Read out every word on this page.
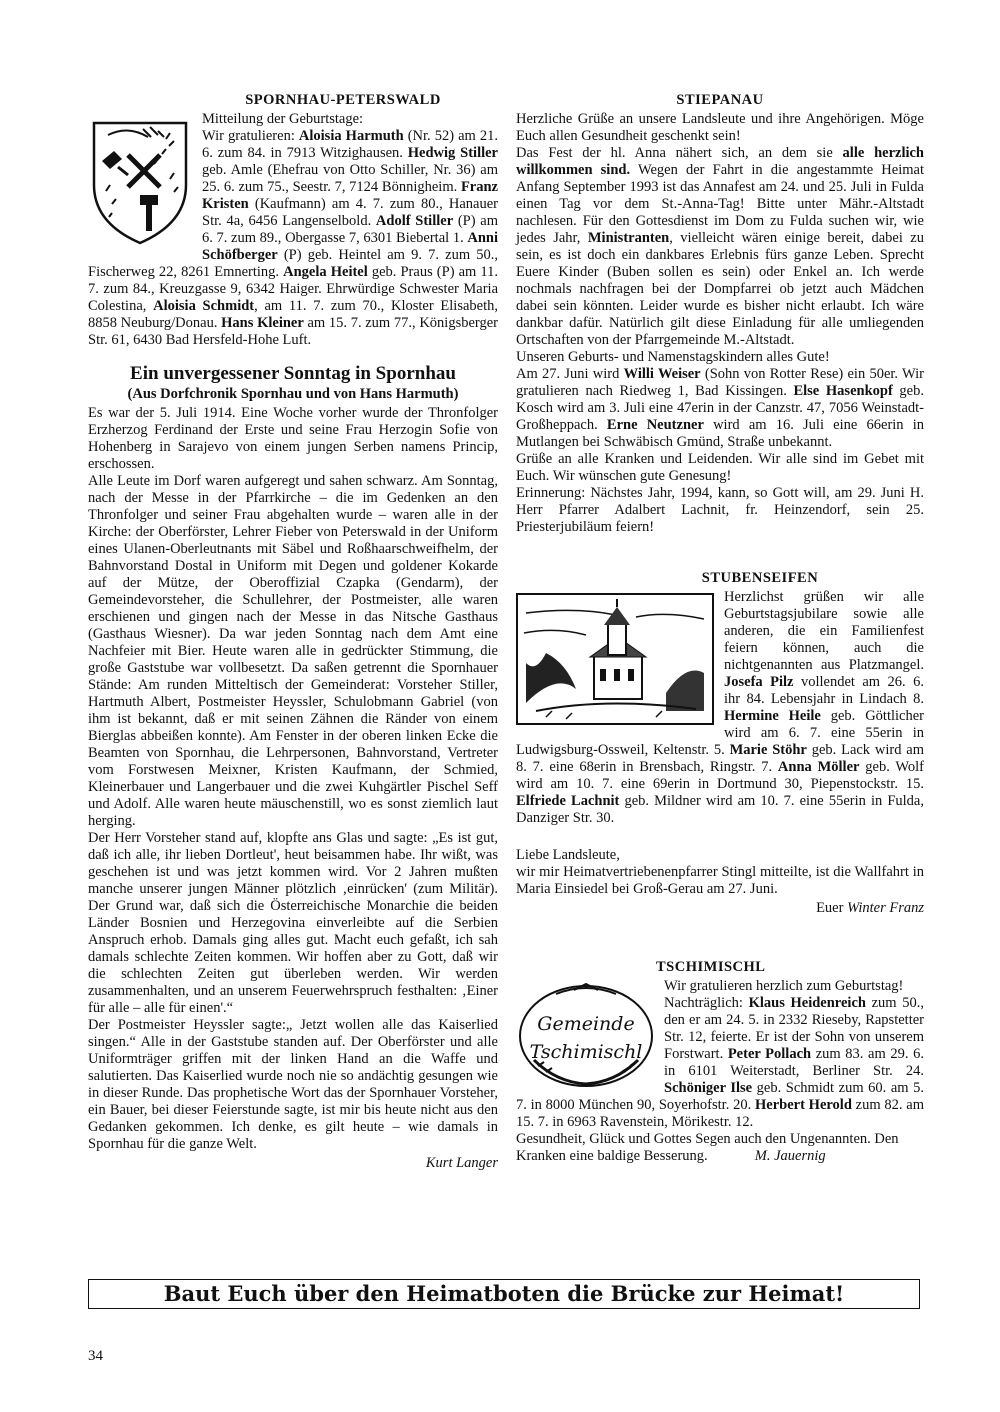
SPORNHAU-PETERSWALD

Mitteilung der Geburtstage:
Wir gratulieren: Aloisia Harmuth (Nr. 52) am 21. 6. zum 84. in 7913 Witzighausen. Hedwig Stiller geb. Amle (Ehefrau von Otto Schiller, Nr. 36) am 25. 6. zum 75., Seestr. 7, 7124 Bönnigheim. Franz Kristen (Kaufmann) am 4. 7. zum 80., Hanauer Str. 4a, 6456 Langenselbold. Adolf Stiller (P) am 6. 7. zum 89., Obergasse 7, 6301 Biebertal 1. Anni Schöfberger (P) geb. Heintel am 9. 7. zum 50., Fischerweg 22, 8261 Emnerting. Angela Heitel geb. Praus (P) am 11. 7. zum 84., Kreuzgasse 9, 6342 Haiger. Ehrwürdige Schwester Maria Colestina, Aloisia Schmidt, am 11. 7. zum 70., Kloster Elisabeth, 8858 Neuburg/Donau. Hans Kleiner am 15. 7. zum 77., Königsberger Str. 61, 6430 Bad Hersfeld-Hohe Luft.

Ein unvergessener Sonntag in Spornhau
(Aus Dorfchronik Spornhau und von Hans Harmuth)

Es war der 5. Juli 1914. Eine Woche vorher wurde der Thronfolger Erzherzog Ferdinand der Erste und seine Frau Herzogin Sofie von Hohenberg in Sarajevo von einem jungen Serben namens Princip, erschossen.

Alle Leute im Dorf waren aufgeregt und sahen schwarz. Am Sonntag, nach der Messe in der Pfarrkirche – die im Gedenken an den Thronfolger und seiner Frau abgehalten wurde – waren alle in der Kirche: der Oberförster, Lehrer Fieber von Peterswald in der Uniform eines Ulanen-Oberleutnants mit Säbel und Roßhaarschweifhelm, der Bahnvorstand Dostal in Uniform mit Degen und goldener Kokarde auf der Mütze, der Oberoffizial Czapka (Gendarm), der Gemeindevorsteher, die Schullehrer, der Postmeister, alle waren erschienen und gingen nach der Messe in das Nitsche Gasthaus (Gasthaus Wiesner). Da war jeden Sonntag nach dem Amt eine Nachfeier mit Bier. Heute waren alle in gedrückter Stimmung, die große Gaststube war vollbesetzt. Da saßen getrennt die Spornhauer Stände: Am runden Mitteltisch der Gemeinderat: Vorsteher Stiller, Hartmuth Albert, Postmeister Heyssler, Schulobmann Gabriel (von ihm ist bekannt, daß er mit seinen Zähnen die Ränder von einem Bierglas abbeißen konnte). Am Fenster in der oberen linken Ecke die Beamten von Spornhau, die Lehrpersonen, Bahnvorstand, Vertreter vom Forstwesen Meixner, Kristen Kaufmann, der Schmied, Kleinerbauer und Langerbauer und die zwei Kuhgärtler Pischel Seff und Adolf. Alle waren heute mäuschenstill, wo es sonst ziemlich laut herging.

Der Herr Vorsteher stand auf, klopfte ans Glas und sagte: „Es ist gut, daß ich alle, ihr lieben Dortleut', heut beisammen habe. Ihr wißt, was geschehen ist und was jetzt kommen wird. Vor 2 Jahren mußten manche unserer jungen Männer plötzlich ‚einrücken' (zum Militär). Der Grund war, daß sich die Österreichische Monarchie die beiden Länder Bosnien und Herzegovina einverleibte auf die Serbien Anspruch erhob. Damals ging alles gut. Macht euch gefaßt, ich sah damals schlechte Zeiten kommen. Wir hoffen aber zu Gott, daß wir die schlechten Zeiten gut überleben werden. Wir werden zusammenhalten, und an unserem Feuerwehrspruch festhalten: ‚Einer für alle – alle für einen'.“

Der Postmeister Heyssler sagte:„ Jetzt wollen alle das Kaiserlied singen.“ Alle in der Gaststube standen auf. Der Oberförster und alle Uniformträger griffen mit der linken Hand an die Waffe und salutierten. Das Kaiserlied wurde noch nie so andächtig gesungen wie in dieser Runde. Das prophetische Wort das der Spornhauer Vorsteher, ein Bauer, bei dieser Feierstunde sagte, ist mir bis heute nicht aus den Gedanken gekommen. Ich denke, es gilt heute – wie damals in Spornhau für die ganze Welt.

Kurt Langer
STIEPANAU

Herzliche Grüße an unsere Landsleute und ihre Angehörigen. Möge Euch allen Gesundheit geschenkt sein!

Das Fest der hl. Anna nähert sich, an dem sie alle herzlich willkommen sind. Wegen der Fahrt in die angestammte Heimat Anfang September 1993 ist das Annafest am 24. und 25. Juli in Fulda einen Tag vor dem St.-Anna-Tag! Bitte unter Mähr.-Altstadt nachlesen. Für den Gottesdienst im Dom zu Fulda suchen wir, wie jedes Jahr, Ministranten, vielleicht wären einige bereit, dabei zu sein, es ist doch ein dankbares Erlebnis fürs ganze Leben. Sprecht Euere Kinder (Buben sollen es sein) oder Enkel an. Ich werde nochmals nachfragen bei der Dompfarrei ob jetzt auch Mädchen dabei sein könnten. Leider wurde es bisher nicht erlaubt. Ich wäre dankbar dafür. Natürlich gilt diese Einladung für alle umliegenden Ortschaften von der Pfarrgemeinde M.-Altstadt.

Unseren Geburts- und Namenstagskindern alles Gute!

Am 27. Juni wird Willi Weiser (Sohn von Rotter Rese) ein 50er. Wir gratulieren nach Riedweg 1, Bad Kissingen. Else Hasenkopf geb. Kosch wird am 3. Juli eine 47erin in der Canzstr. 47, 7056 Weinstadt-Großheppach. Erne Neutzner wird am 16. Juli eine 66erin in Mutlangen bei Schwäbisch Gmünd, Straße unbekannt.

Grüße an alle Kranken und Leidenden. Wir alle sind im Gebet mit Euch. Wir wünschen gute Genesung!

Erinnerung: Nächstes Jahr, 1994, kann, so Gott will, am 29. Juni H. Herr Pfarrer Adalbert Lachnit, fr. Heinzendorf, sein 25. Priesterjubiläum feiern!

STUBENSEIFEN

Herzlichst grüßen wir alle Geburtstagsjubilare sowie alle anderen, die ein Familienfest feiern können, auch die nichtgenannten aus Platzmangel. Josefa Pilz vollendet am 26. 6. ihr 84. Lebensjahr in Lindach 8. Hermine Heile geb. Göttlicher wird am 6. 7. eine 55erin in Ludwigsburg-Ossweil, Keltenstr. 5. Marie Stöhr geb. Lack wird am 8. 7. eine 68erin in Brensbach, Ringstr. 7. Anna Möller geb. Wolf wird am 10. 7. eine 69erin in Dortmund 30, Piepenstockstr. 15. Elfriede Lachnit geb. Mildner wird am 10. 7. eine 55erin in Fulda, Danziger Str. 30.

Liebe Landsleute,

wir mir Heimatvertriebenenpfarrer Stingl mitteilte, ist die Wallfahrt in Maria Einsiedel bei Groß-Gerau am 27. Juni.

Euer Winter Franz
TSCHIMISCHL
Gemeinde
Tschimischl

Wir gratulieren herzlich zum Geburtstag!

Nachträglich: Klaus Heidenreich zum 50., den er am 24. 5. in 2332 Rieseby, Rapstetter Str. 12, feierte. Er ist der Sohn von unserem Forstwart. Peter Pollach zum 83. am 29. 6. in 6101 Weiterstadt, Berliner Str. 24. Schöniger Ilse geb. Schmidt zum 60. am 5. 7. in 8000 München 90, Soyerhofstr. 20. Herbert Herold zum 82. am 15. 7. in 6963 Ravenstein, Mörikestr. 12.

Gesundheit, Glück und Gottes Segen auch den Ungenannten. Den Kranken eine baldige Besserung.	M. Jauernig

Baut Euch über den Heimatboten die Brücke zur Heimat!
34
